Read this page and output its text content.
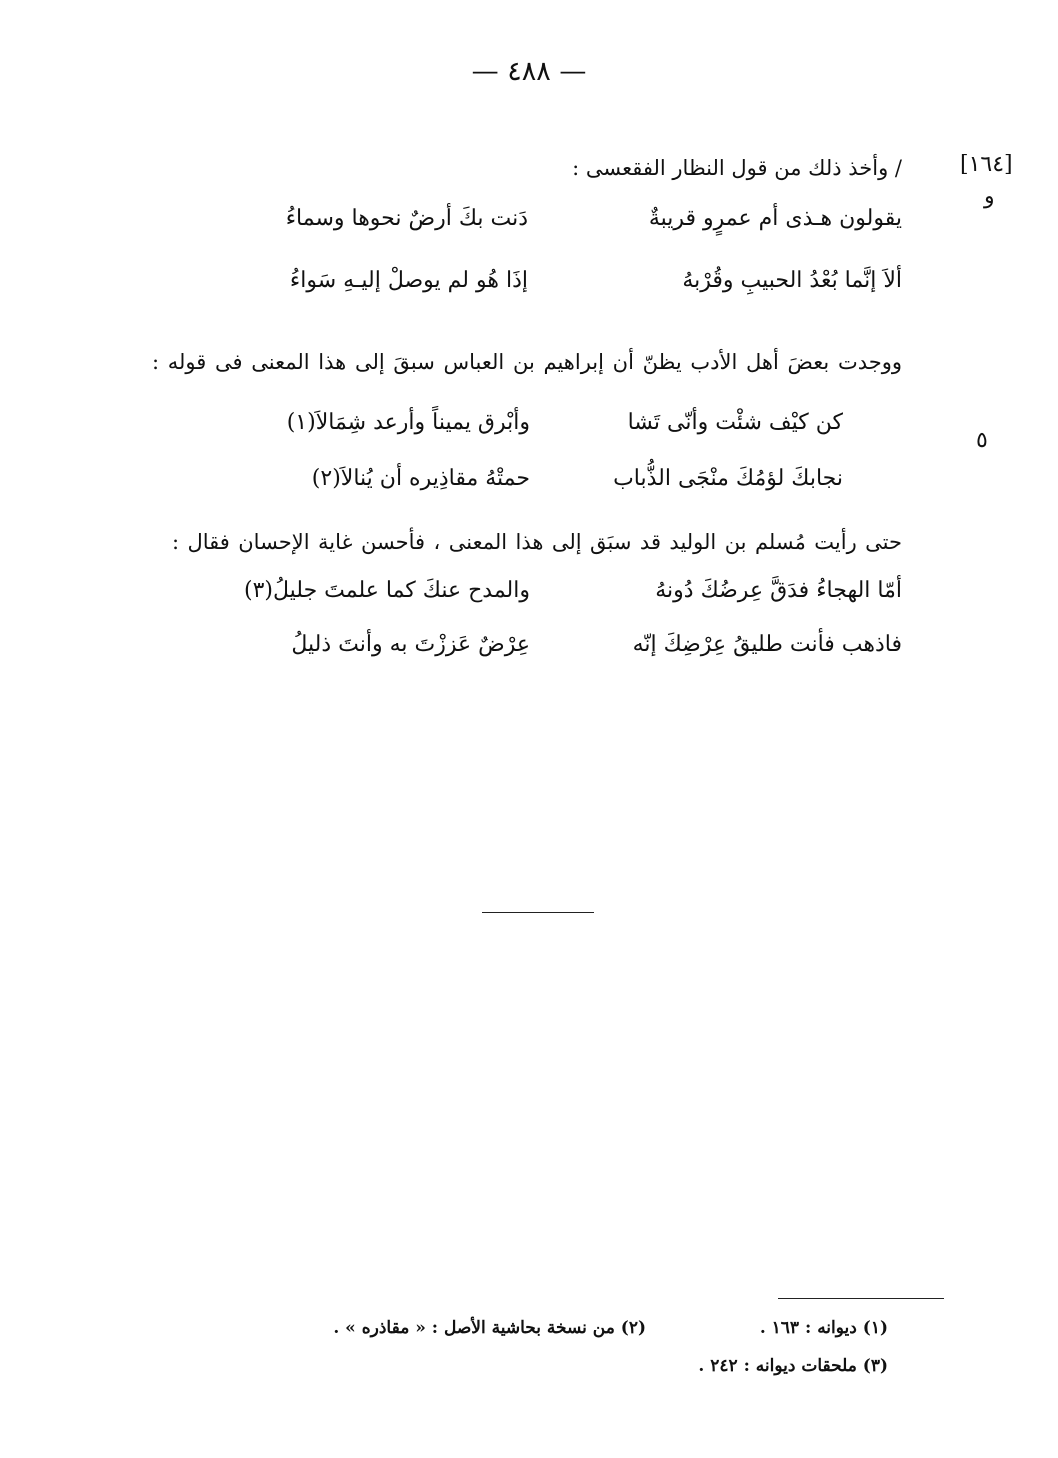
— ٤٨٨ —
[١٦٤]
و
٥
/ وأخذ ذلك من قول النظار الفقعسى :
يقولون هـذى أم عمرٍو قريبةٌ
دَنت بكَ أرضٌ نحوها وسماءُ
ألاَ إنَّما بُعْدُ الحبيبِ وقُرْبهُ
إذَا هُو لم يوصلْ إليـهِ سَواءُ
ووجدت بعضَ أهل الأدب يظنّ أن إبراهيم بن العباس سبقَ إلى هذا المعنى فى قوله :
كن كيْف شئْت وأنّى تَشا
وأبْرق يميناً وأرعد شِمَالاَ(١)
نجابكَ لؤمُكَ منْجَى الذُّباب
حمتْهُ مقاذِيره أن يُنالاَ(٢)
حتى رأيت مُسلم بن الوليد قد سبَق إلى هذا المعنى ، فأحسن غاية الإحسان فقال :
أمّا الهجاءُ فدَقَّ عِرضُكَ دُونهُ
والمدح عنكَ كما علمتَ جليلُ(٣)
فاذهب فأنت طليقُ عِرْضِكَ إنّه
عِرْضٌ عَززْتَ به وأنتَ ذليلُ
(١) ديوانه : ١٦٣ .
(٢) من نسخة بحاشية الأصل : « مقاذره » .
(٣) ملحقات ديوانه : ٢٤٢ .
